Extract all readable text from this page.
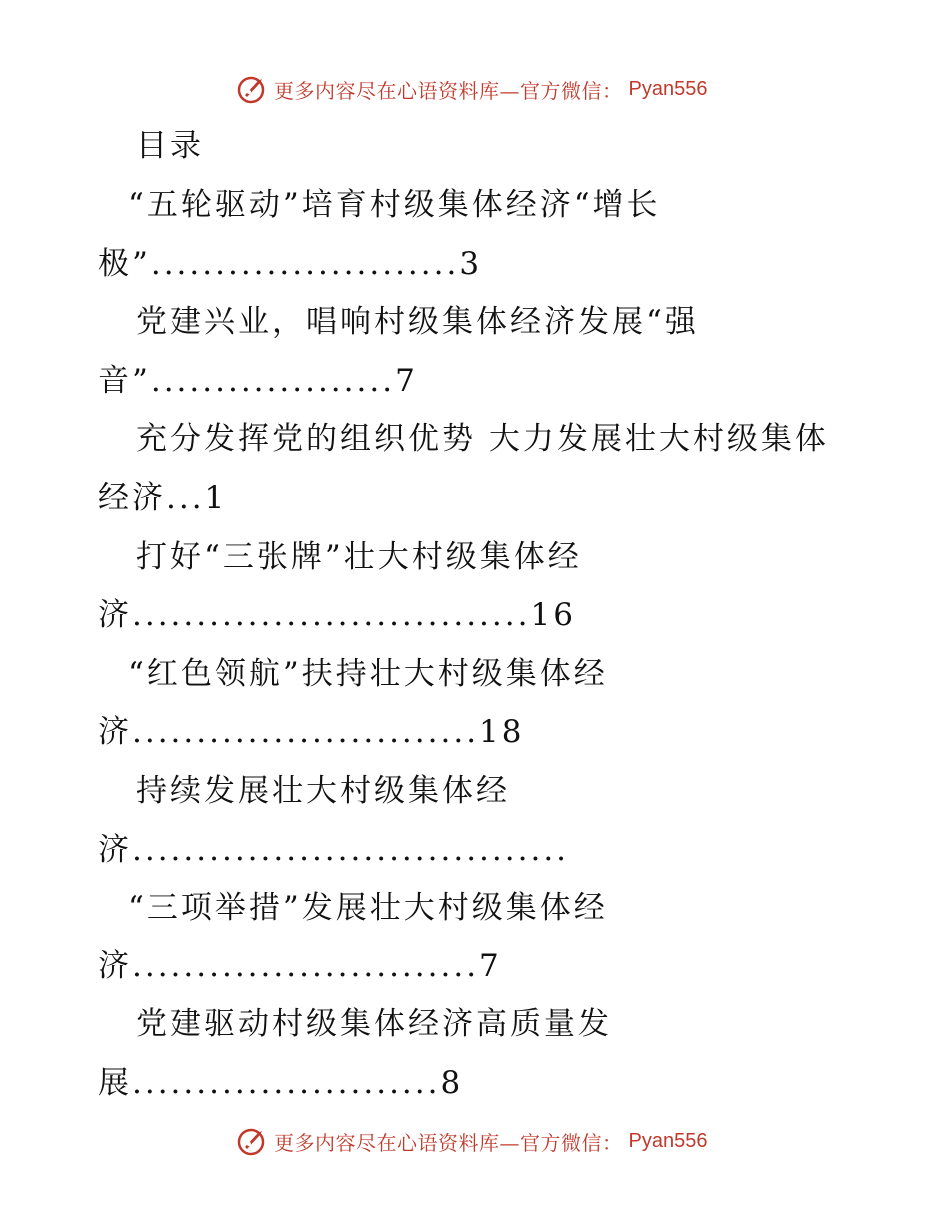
更多内容尽在心语资料库—官方微信： Pyan556
目录
“五轮驱动”培育村级集体经济“增长
极”........................3
党建兴业，唱响村级集体经济发展“强
音”...................7
充分发挥党的组织优势 大力发展壮大村级集体
经济...1
打好“三张牌”壮大村级集体经
济...............................16
“红色领航”扶持壮大村级集体经
济...........................18
持续发展壮大村级集体经
济..................................
“三项举措”发展壮大村级集体经
济...........................7
党建驱动村级集体经济高质量发
展........................8
更多内容尽在心语资料库—官方微信： Pyan556
